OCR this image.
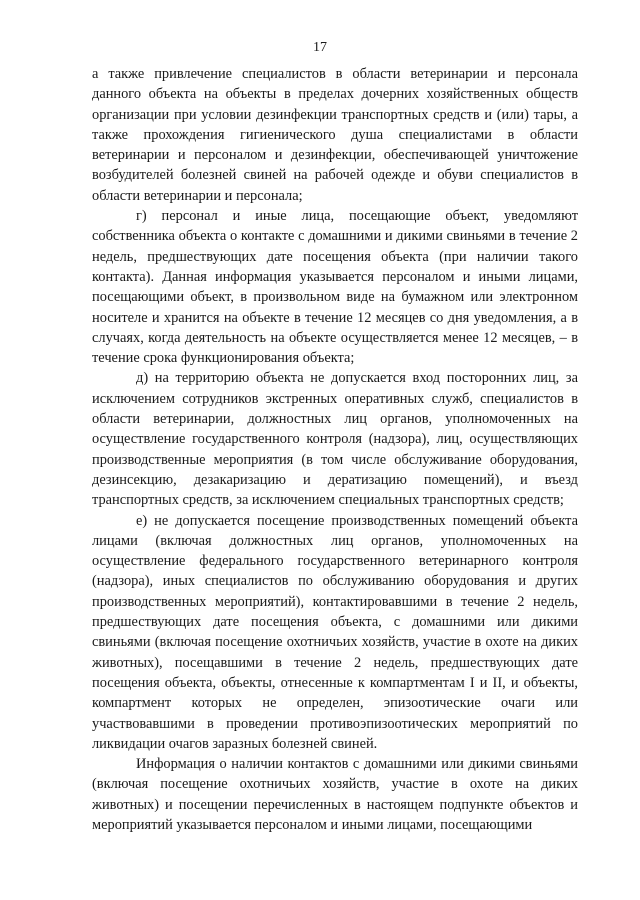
17

а также привлечение специалистов в области ветеринарии и персонала данного объекта на объекты в пределах дочерних хозяйственных обществ организации при условии дезинфекции транспортных средств и (или) тары, а также прохождения гигиенического душа специалистами в области ветеринарии и персоналом и дезинфекции, обеспечивающей уничтожение возбудителей болезней свиней на рабочей одежде и обуви специалистов в области ветеринарии и персонала;

г) персонал и иные лица, посещающие объект, уведомляют собственника объекта о контакте с домашними и дикими свиньями в течение 2 недель, предшествующих дате посещения объекта (при наличии такого контакта). Данная информация указывается персоналом и иными лицами, посещающими объект, в произвольном виде на бумажном или электронном носителе и хранится на объекте в течение 12 месяцев со дня уведомления, а в случаях, когда деятельность на объекте осуществляется менее 12 месяцев, – в течение срока функционирования объекта;

д) на территорию объекта не допускается вход посторонних лиц, за исключением сотрудников экстренных оперативных служб, специалистов в области ветеринарии, должностных лиц органов, уполномоченных на осуществление государственного контроля (надзора), лиц, осуществляющих производственные мероприятия (в том числе обслуживание оборудования, дезинсекцию, дезакаризацию и дератизацию помещений), и въезд транспортных средств, за исключением специальных транспортных средств;

е) не допускается посещение производственных помещений объекта лицами (включая должностных лиц органов, уполномоченных на осуществление федерального государственного ветеринарного контроля (надзора), иных специалистов по обслуживанию оборудования и других производственных мероприятий), контактировавшими в течение 2 недель, предшествующих дате посещения объекта, с домашними или дикими свиньями (включая посещение охотничьих хозяйств, участие в охоте на диких животных), посещавшими в течение 2 недель, предшествующих дате посещения объекта, объекты, отнесенные к компартментам I и II, и объекты, компартмент которых не определен, эпизоотические очаги или участвовавшими в проведении противоэпизоотических мероприятий по ликвидации очагов заразных болезней свиней.

Информация о наличии контактов с домашними или дикими свиньями (включая посещение охотничьих хозяйств, участие в охоте на диких животных) и посещении перечисленных в настоящем подпункте объектов и мероприятий указывается персоналом и иными лицами, посещающими
